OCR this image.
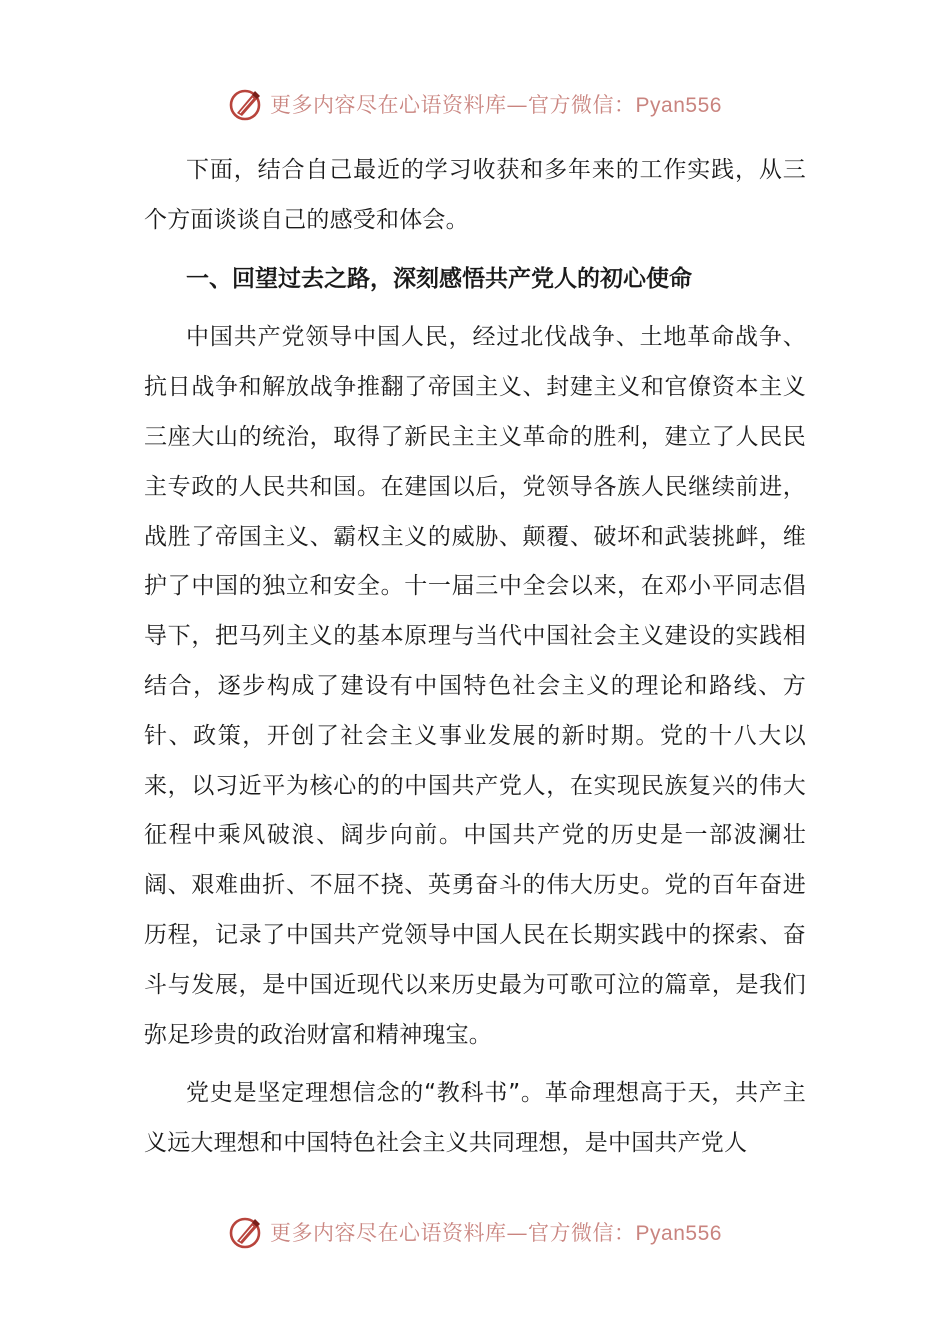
更多内容尽在心语资料库—官方微信：Pyan556

下面，结合自己最近的学习收获和多年来的工作实践，从三个方面谈谈自己的感受和体会。

一、回望过去之路，深刻感悟共产党人的初心使命

中国共产党领导中国人民，经过北伐战争、土地革命战争、抗日战争和解放战争推翻了帝国主义、封建主义和官僚资本主义三座大山的统治，取得了新民主主义革命的胜利，建立了人民民主专政的人民共和国。在建国以后，党领导各族人民继续前进，战胜了帝国主义、霸权主义的威胁、颠覆、破坏和武装挑衅，维护了中国的独立和安全。十一届三中全会以来，在邓小平同志倡导下，把马列主义的基本原理与当代中国社会主义建设的实践相结合，逐步构成了建设有中国特色社会主义的理论和路线、方针、政策，开创了社会主义事业发展的新时期。党的十八大以来，以习近平为核心的的中国共产党人，在实现民族复兴的伟大征程中乘风破浪、阔步向前。中国共产党的历史是一部波澜壮阔、艰难曲折、不屈不挠、英勇奋斗的伟大历史。党的百年奋进历程，记录了中国共产党领导中国人民在长期实践中的探索、奋斗与发展，是中国近现代以来历史最为可歌可泣的篇章，是我们弥足珍贵的政治财富和精神瑰宝。

党史是坚定理想信念的“教科书”。革命理想高于天，共产主义远大理想和中国特色社会主义共同理想，是中国共产党人

更多内容尽在心语资料库—官方微信：Pyan556
